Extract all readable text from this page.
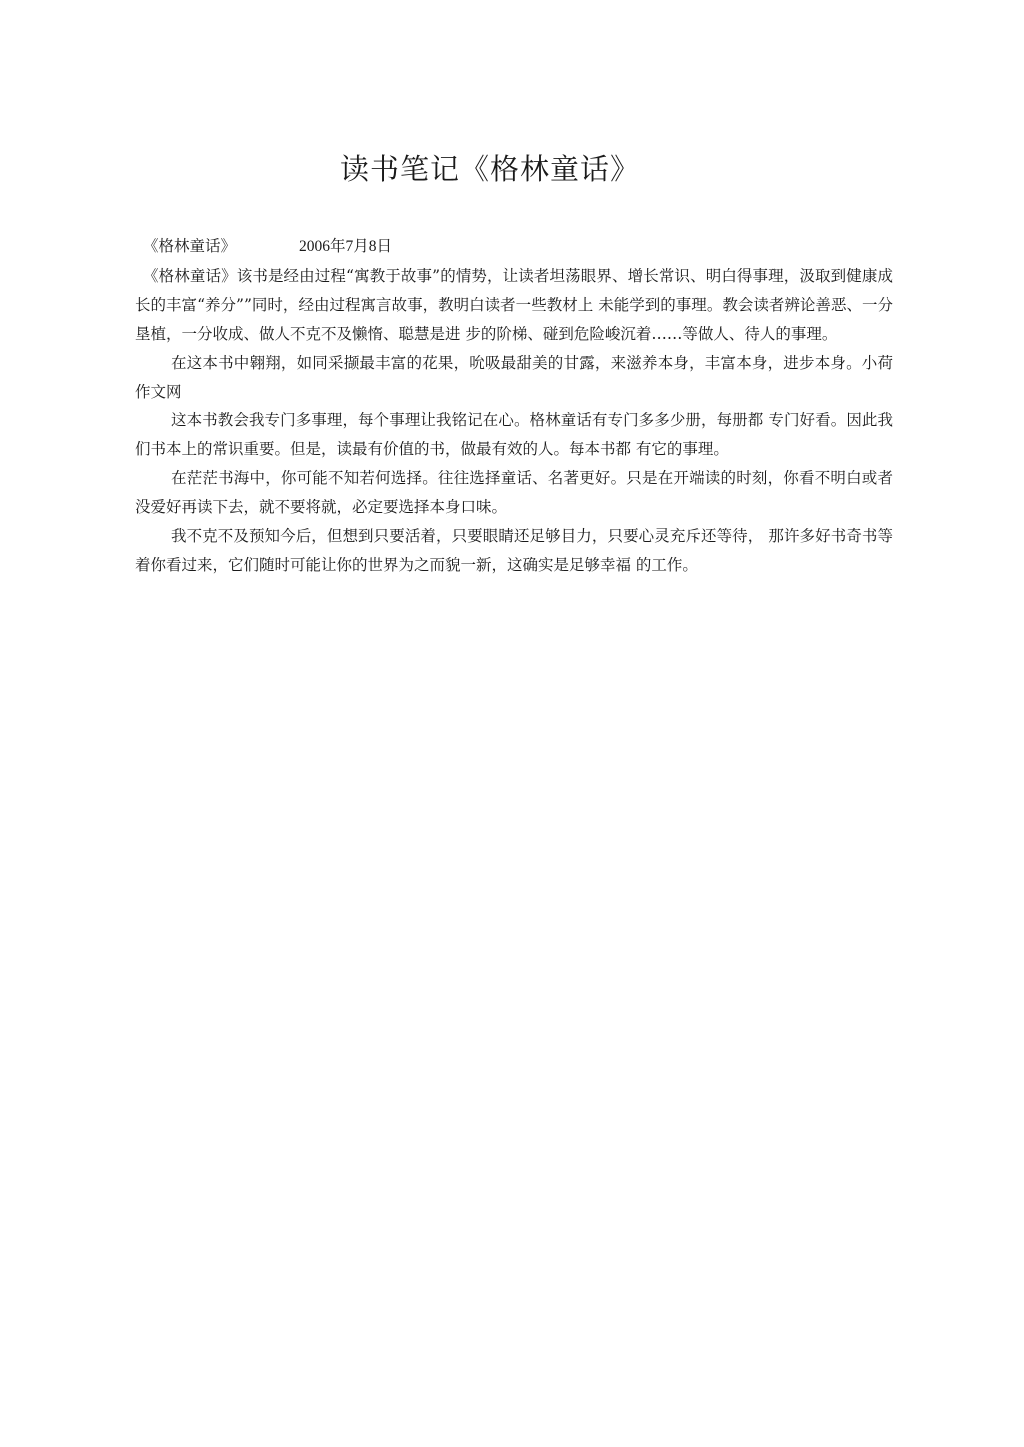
读书笔记《格林童话》

《格林童话》	2006年7月8日

《格林童话》该书是经由过程“寓教于故事”的情势，让读者坦荡眼界、增长常识、明白得事理，汲取到健康成长的丰富“养分””同时，经由过程寓言故事，教明白读者一些教材上 未能学到的事理。教会读者辨论善恶、一分垦植，一分收成、做人不克不及懒惰、聪慧是进 步的阶梯、碰到危险峻沉着……等做人、待人的事理。

在这本书中翱翔，如同采撷最丰富的花果，吮吸最甜美的甘露，来滋养本身，丰富本身，进步本身。小荷作文网

这本书教会我专门多事理，每个事理让我铭记在心。格林童话有专门多多少册，每册都 专门好看。因此我们书本上的常识重要。但是，读最有价值的书，做最有效的人。每本书都 有它的事理。

在茫茫书海中，你可能不知若何选择。往往选择童话、名著更好。只是在开端读的时刻，你看不明白或者没爱好再读下去，就不要将就，必定要选择本身口味。

我不克不及预知今后，但想到只要活着，只要眼睛还足够目力，只要心灵充斥还等待， 那许多好书奇书等着你看过来，它们随时可能让你的世界为之而貌一新，这确实是足够幸福 的工作。
